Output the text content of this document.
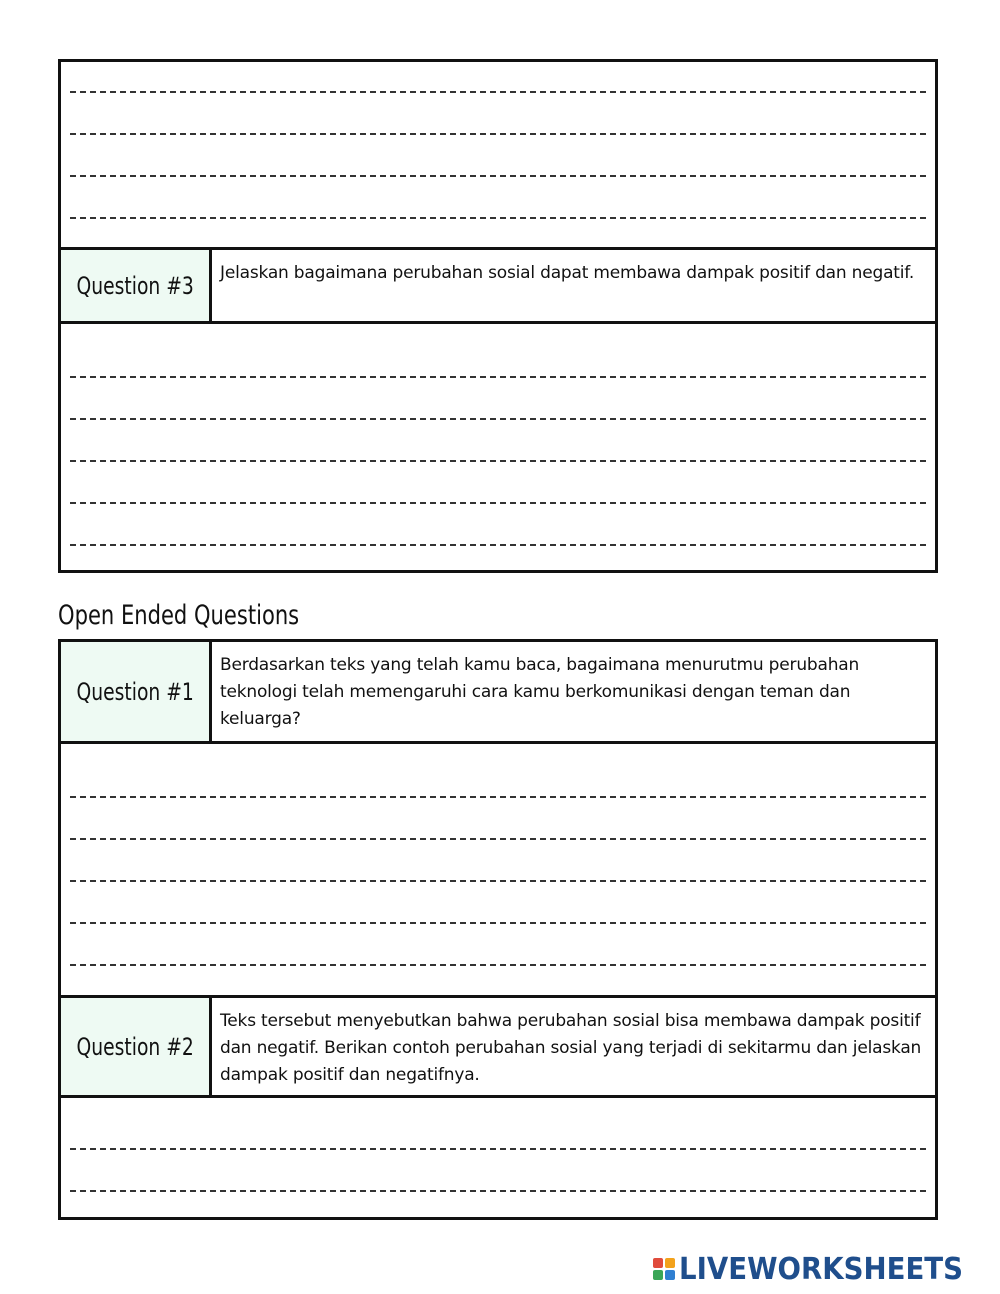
Question #3	Jelaskan bagaimana perubahan sosial dapat membawa dampak positif dan negatif.
Open Ended Questions
Question #1
Berdasarkan teks yang telah kamu baca, bagaimana menurutmu perubahan teknologi telah memengaruhi cara kamu berkomunikasi dengan teman dan keluarga?
Question #2
Teks tersebut menyebutkan bahwa perubahan sosial bisa membawa dampak positif dan negatif. Berikan contoh perubahan sosial yang terjadi di sekitarmu dan jelaskan dampak positif dan negatifnya.
LIVEWORKSHEETS
